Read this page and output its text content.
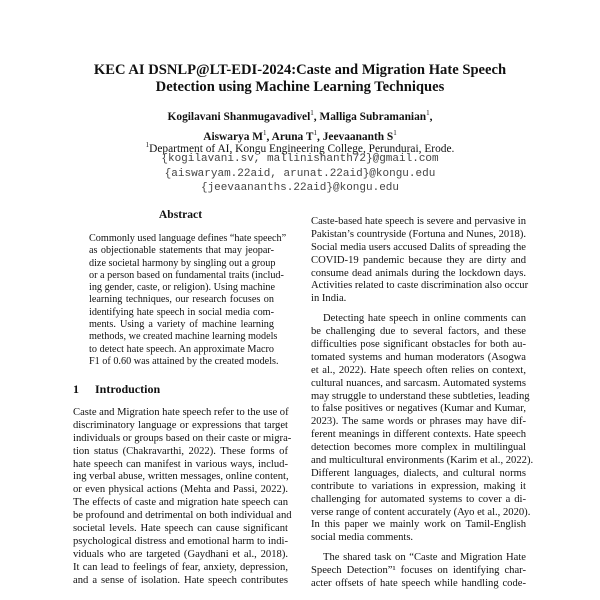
KEC AI DSNLP@LT-EDI-2024:Caste and Migration Hate Speech
Detection using Machine Learning Techniques
Kogilavani Shanmugavadivel$^1$, Malliga Subramanian$^1$,
Aiswarya $M^1$, Aruna $T^1$, Jeevaananth $S^1$
$^1$Department of AI, Kongu Engineering College, Perundurai, Erode.
{kogilavani.sv, mallinishanth72}@gmail.com
{aiswaryam.22aid, arunat.22aid}@kongu.edu
{jeevaananths.22aid}@kongu.edu
Abstract
Commonly used language defines “hate speech”
as objectionable statements that may jeopar-
dize societal harmony by singling out a group
or a person based on fundamental traits (includ-
ing gender, caste, or religion). Using machine
learning techniques, our research focuses on
identifying hate speech in social media com-
ments. Using a variety of machine learning
methods, we created machine learning models
to detect hate speech. An approximate Macro
F1 of 0.60 was attained by the created models.
1 Introduction
Caste and Migration hate speech refer to the use of
discriminatory language or expressions that target
individuals or groups based on their caste or migra-
tion status (Chakravarthi, 2022). These forms of
hate speech can manifest in various ways, includ-
ing verbal abuse, written messages, online content,
or even physical actions (Mehta and Passi, 2022).
The effects of caste and migration hate speech can
be profound and detrimental on both individual and
societal levels. Hate speech can cause significant
psychological distress and emotional harm to indi-
viduals who are targeted (Gaydhani et al., 2018).
It can lead to feelings of fear, anxiety, depression,
and a sense of isolation. Hate speech contributes
Caste-based hate speech is severe and pervasive in
Pakistan’s countryside (Fortuna and Nunes, 2018).
Social media users accused Dalits of spreading the
COVID-19 pandemic because they are dirty and
consume dead animals during the lockdown days.
Activities related to caste discrimination also occur
in India.
Detecting hate speech in online comments can
be challenging due to several factors, and these
difficulties pose significant obstacles for both au-
tomated systems and human moderators (Asogwa
et al., 2022). Hate speech often relies on context,
cultural nuances, and sarcasm. Automated systems
may struggle to understand these subtleties, leading
to false positives or negatives (Kumar and Kumar,
2023). The same words or phrases may have dif-
ferent meanings in different contexts. Hate speech
detection becomes more complex in multilingual
and multicultural environments (Karim et al., 2022).
Different languages, dialects, and cultural norms
contribute to variations in expression, making it
challenging for automated systems to cover a di-
verse range of content accurately (Ayo et al., 2020).
In this paper we mainly work on Tamil-English
social media comments.
The shared task on “Caste and Migration Hate
Speech Detection”¹ focuses on identifying char-
acter offsets of hate speech while handling code-
